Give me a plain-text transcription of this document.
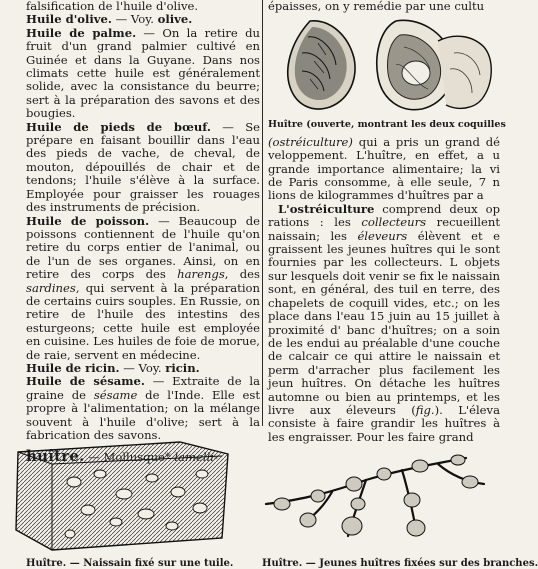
falsification de l'huile d'olive.

Huile d'olive. — Voy. olive.

Huile de palme. — On la retire du fruit d'un grand palmier cultivé en Guinée et dans la Guyane. Dans nos climats cette huile est généralement solide, avec la consistance du beurre; sert à la préparation des savons et des bougies.

Huile de pieds de bœuf. — Se prépare en faisant bouillir dans l'eau des pieds de vache, de cheval, de mouton, dépouillés de chair et de tendons; l'huile s'élève à la surface. Employée pour graisser les rouages des instruments de précision.

Huile de poisson. — Beaucoup de poissons contiennent de l'huile qu'on retire du corps entier de l'animal, ou de l'un de ses organes. Ainsi, on en retire des corps des harengs, des sardines, qui servent à la préparation de certains cuirs souples. En Russie, on retire de l'huile des intestins des esturgeons; cette huile est employée en cuisine. Les huiles de foie de morue, de raie, servent en médecine.

Huile de ricin. — Voy. ricin.

Huile de sésame. — Extraite de la graine de sésame de l'Inde. Elle est propre à l'alimentation; on la mélange souvent à l'huile d'olive; sert à la fabrication des savons.

épaisses, on y remédie par une cultu

Huître (ouverte, montrant les deux coquilles

(ostréiculture) qui a pris un grand dé veloppement. L'huître, en effet, a u grande importance alimentaire; la vi de Paris consomme, à elle seule, 7 n lions de kilogrammes d'huîtres par a

L'ostréiculture comprend deux op rations : les collecteurs recueillent naissain; les éleveurs élèvent et e graissent les jeunes huîtres qui le sont fournies par les collecteurs. L objets sur lesquels doit venir se fix le naissain sont, en général, des tuil en terre, des chapelets de coquill vides, etc.; on les place dans l'eau 15 juin au 15 juillet à proximité d' banc d'huîtres; on a soin de les endui au préalable d'une couche de calcair ce qui attire le naissain et perm d'arracher plus facilement les jeun huîtres. On détache les huîtres automne ou bien au printemps, et les livre aux éleveurs (fig.). L'éleva consiste à faire grandir les huîtres à les engraisser. Pour les faire grand

Huître. — Naissain fixé sur une tuile.	Huître. — Jeunes huîtres fixées sur des branches.
